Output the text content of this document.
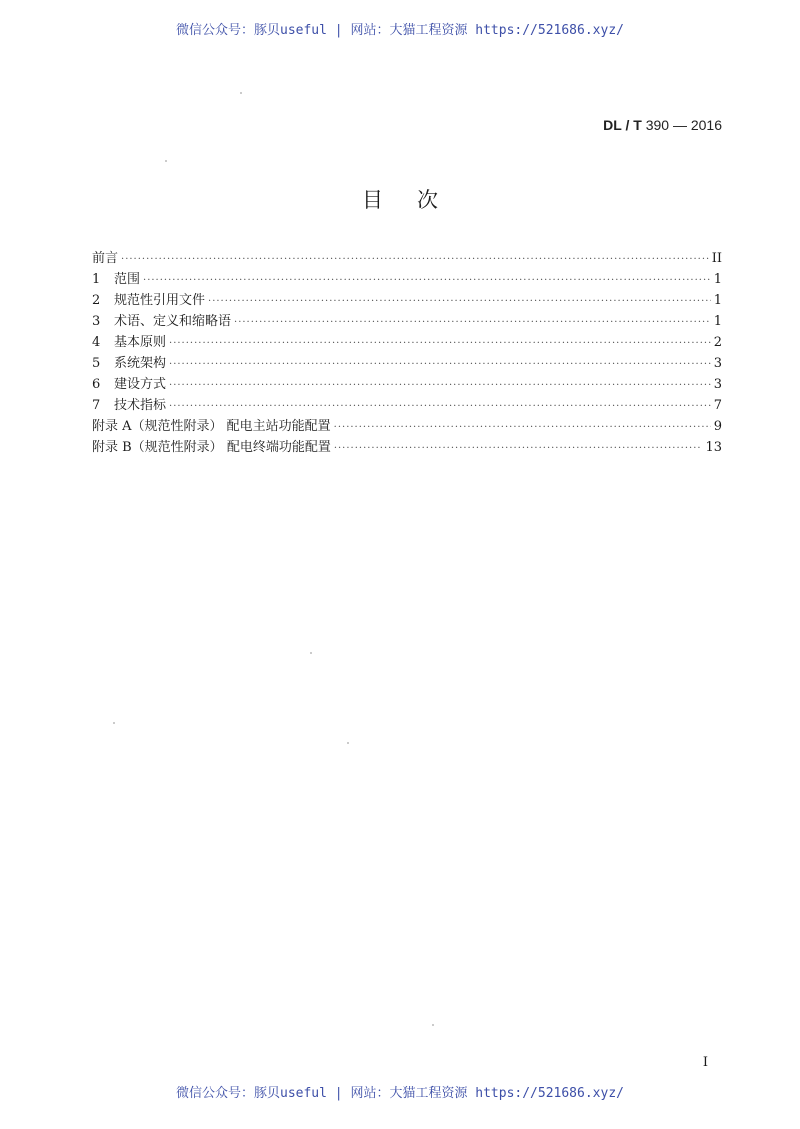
微信公众号：豚贝useful | 网站：大猫工程资源 https://521686.xyz/
DL / T 390 — 2016
目次
前言 ·····	II
1 范围 ·····	1
2 规范性引用文件 ·····	1
3 术语、定义和缩略语 ·····	1
4 基本原则 ·····	2
5 系统架构 ·····	3
6 建设方式 ·····	3
7 技术指标 ·····	7
附录 A（规范性附录） 配电主站功能配置 ·····	9
附录 B（规范性附录） 配电终端功能配置 ·····	13
I
微信公众号：豚贝useful | 网站：大猫工程资源 https://521686.xyz/
